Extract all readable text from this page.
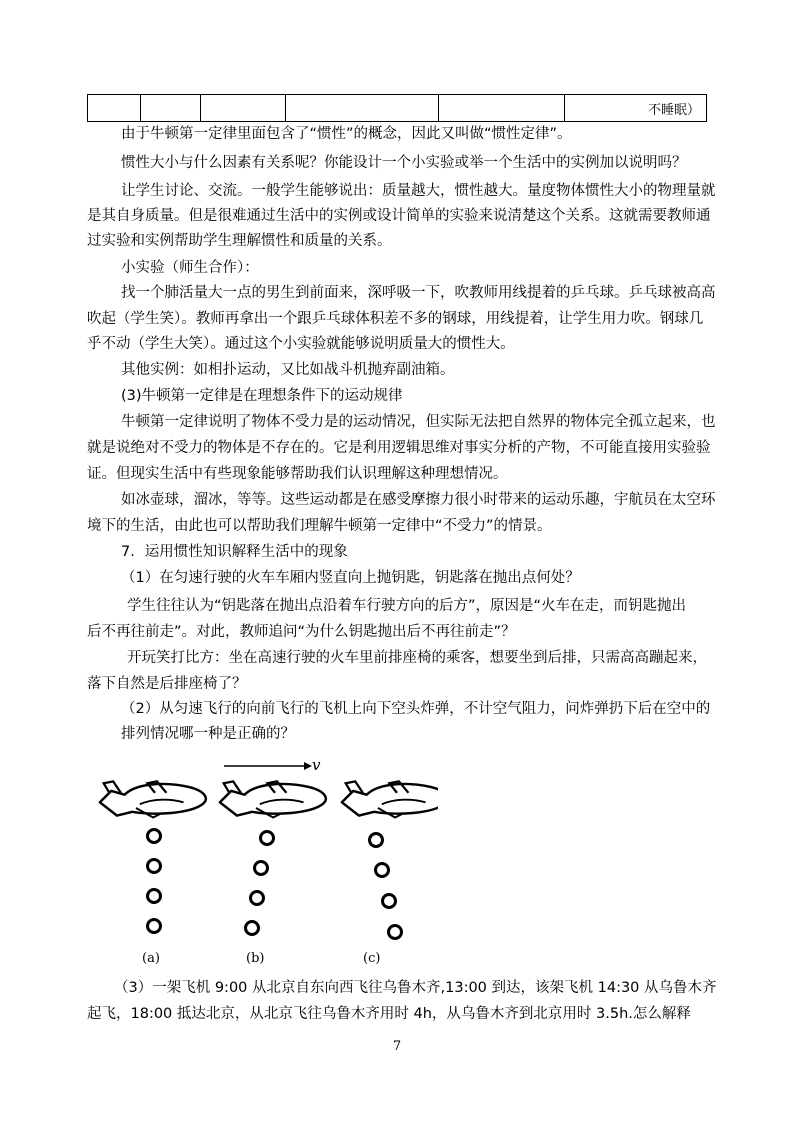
					不睡眠）
由于牛顿第一定律里面包含了“惯性”的概念，因此又叫做“惯性定律”。
惯性大小与什么因素有关系呢？你能设计一个小实验或举一个生活中的实例加以说明吗？
让学生讨论、交流。一般学生能够说出：质量越大，惯性越大。量度物体惯性大小的物理量就
是其自身质量。但是很难通过生活中的实例或设计简单的实验来说清楚这个关系。这就需要教师通
过实验和实例帮助学生理解惯性和质量的关系。
小实验（师生合作）：
找一个肺活量大一点的男生到前面来，深呼吸一下，吹教师用线提着的乒乓球。乒乓球被高高
吹起（学生笑）。教师再拿出一个跟乒乓球体积差不多的钢球，用线提着，让学生用力吹。钢球几
乎不动（学生大笑）。通过这个小实验就能够说明质量大的惯性大。
其他实例：如相扑运动，又比如战斗机抛弃副油箱。
(3)牛顿第一定律是在理想条件下的运动规律
牛顿第一定律说明了物体不受力是的运动情况，但实际无法把自然界的物体完全孤立起来，也
就是说绝对不受力的物体是不存在的。它是利用逻辑思维对事实分析的产物，不可能直接用实验验
证。但现实生活中有些现象能够帮助我们认识理解这种理想情况。
如冰壶球，溜冰，等等。这些运动都是在感受摩擦力很小时带来的运动乐趣，宇航员在太空环
境下的生活，由此也可以帮助我们理解牛顿第一定律中“不受力”的情景。
7．运用惯性知识解释生活中的现象
（1）在匀速行驶的火车车厢内竖直向上抛钥匙，钥匙落在抛出点何处？
学生往往认为“钥匙落在抛出点沿着车行驶方向的后方”，原因是“火车在走，而钥匙抛出
后不再往前走”。对此，教师追问“为什么钥匙抛出后不再往前走”？
开玩笑打比方：坐在高速行驶的火车里前排座椅的乘客，想要坐到后排，只需高高蹦起来，
落下自然是后排座椅了？
（2）从匀速飞行的向前飞行的飞机上向下空头炸弹，不计空气阻力，问炸弹扔下后在空中的
排列情况哪一种是正确的？
v
(a)	(b)	(c)
（3）一架飞机 9:00 从北京自东向西飞往乌鲁木齐,13:00 到达，该架飞机 14:30 从乌鲁木齐
起飞，18:00 抵达北京，从北京飞往乌鲁木齐用时 4h，从乌鲁木齐到北京用时 3.5h.怎么解释
7
